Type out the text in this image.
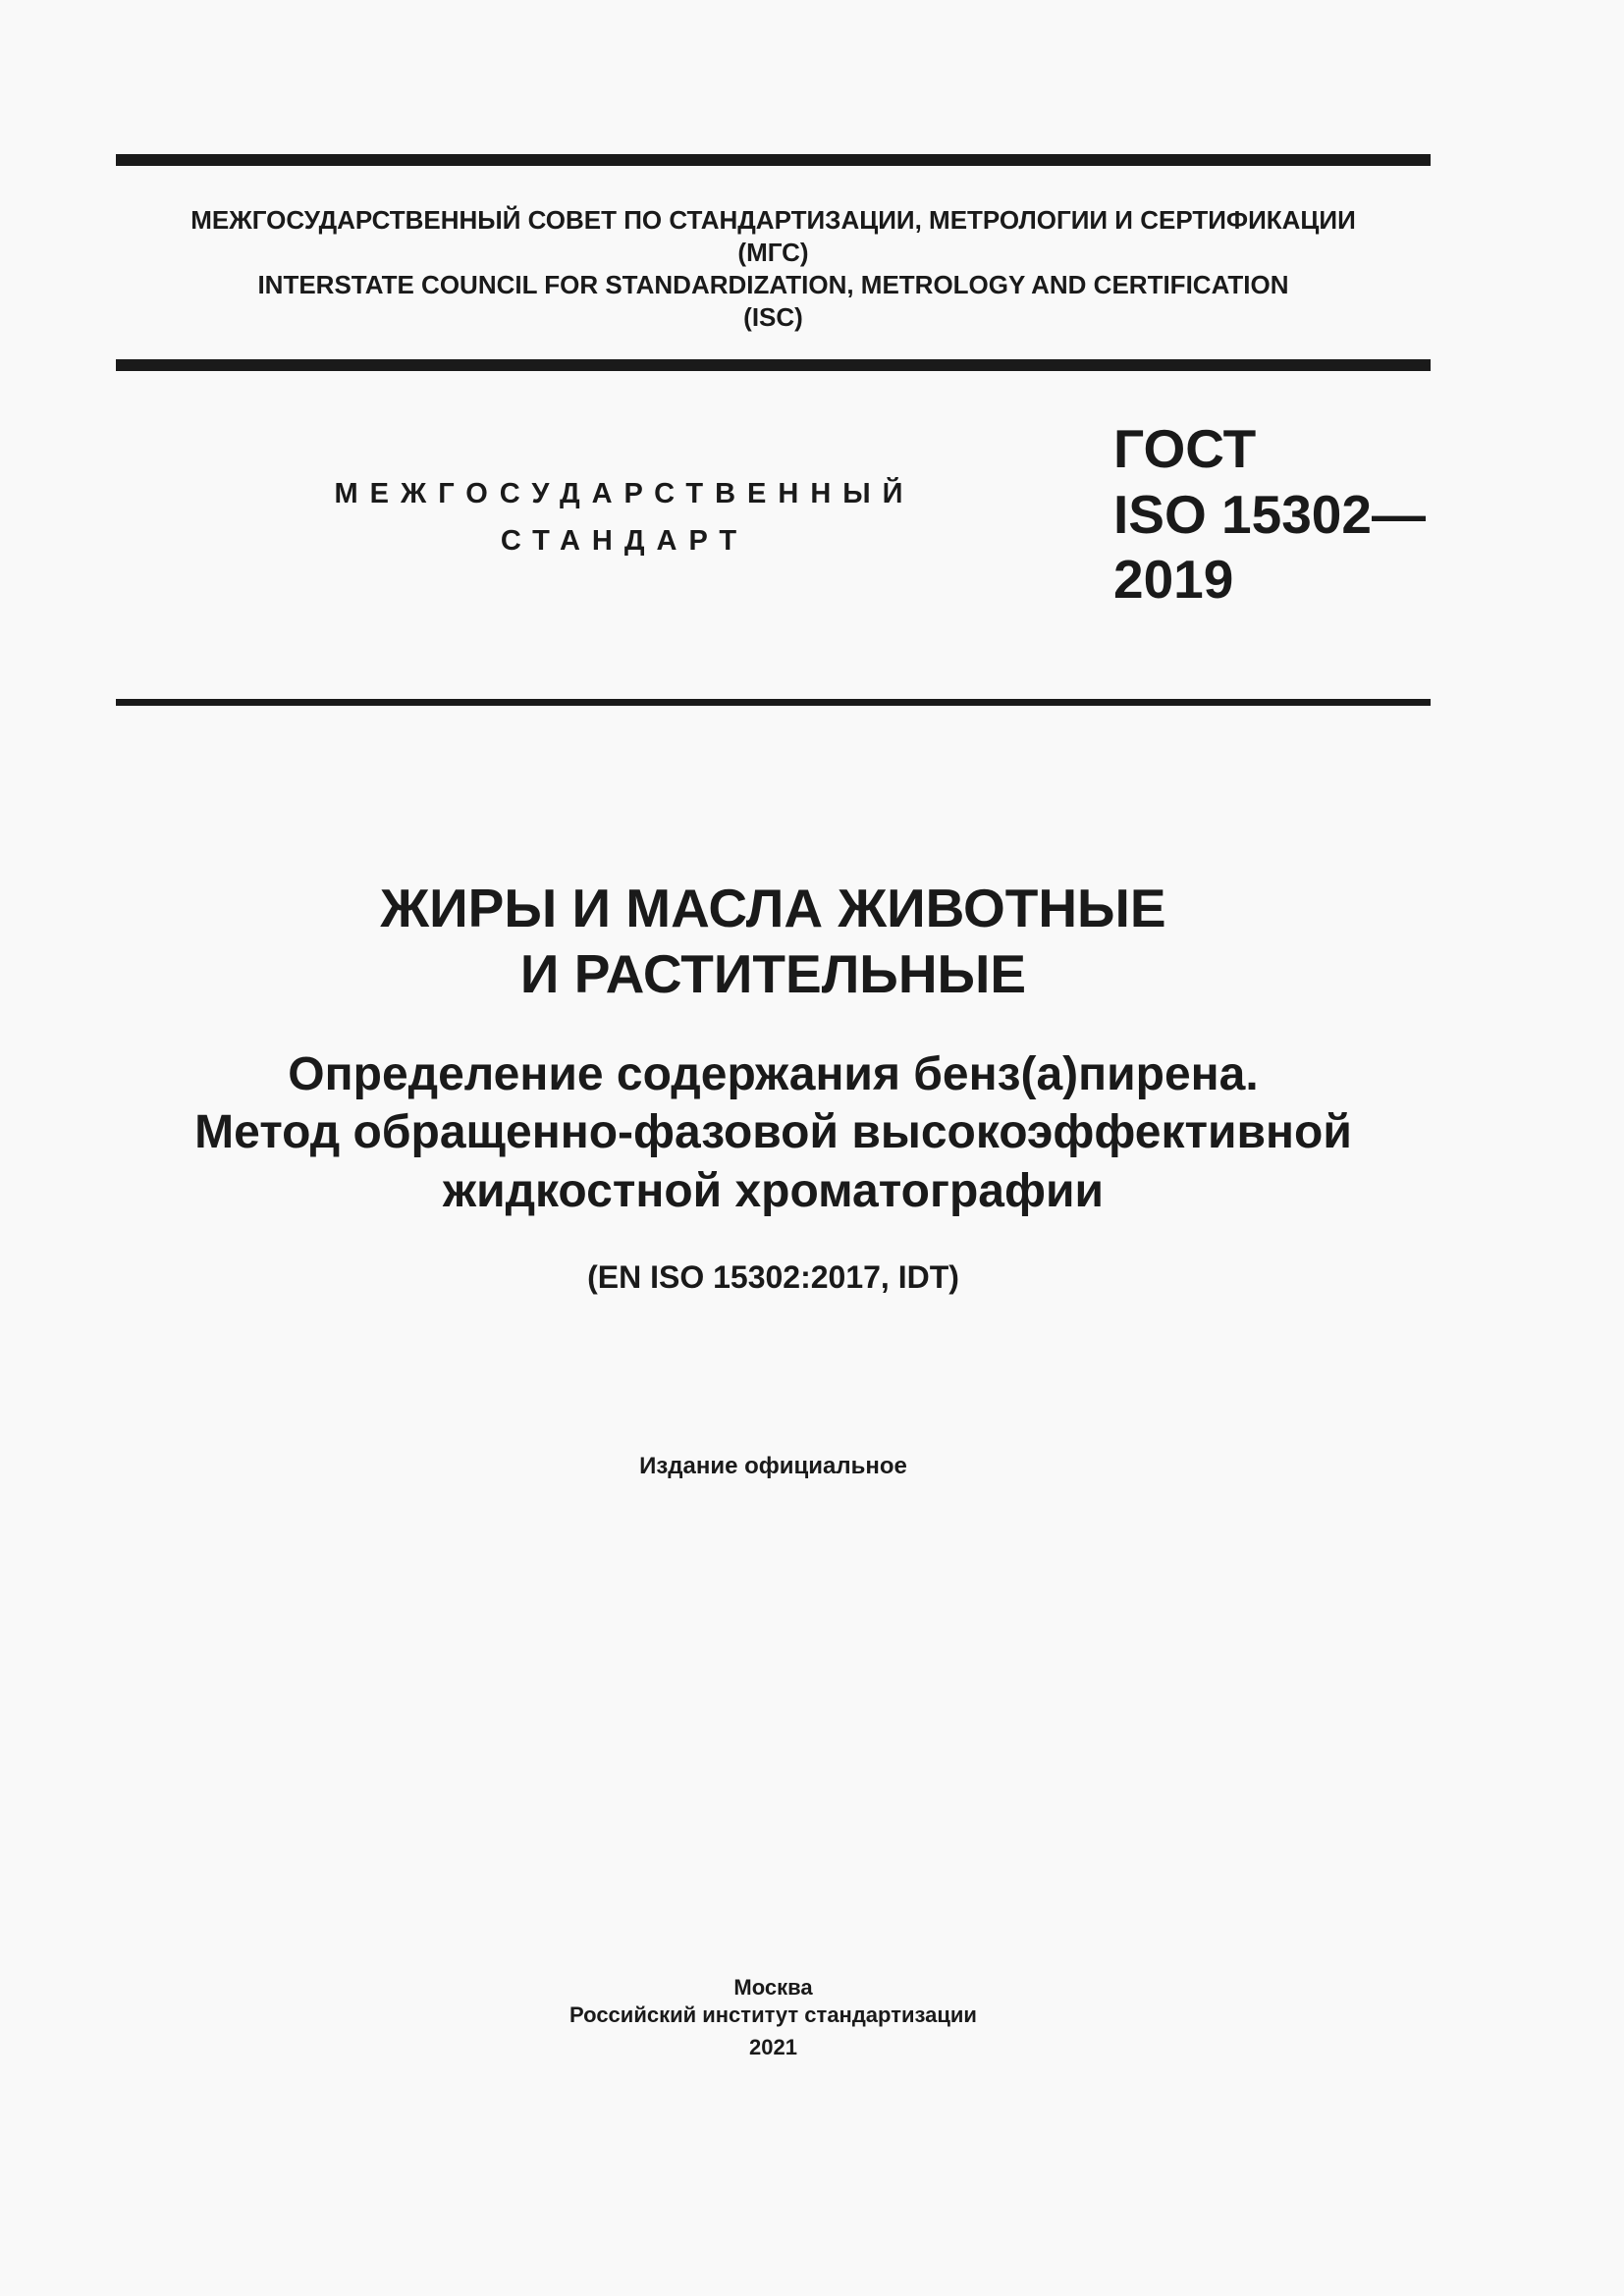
МЕЖГОСУДАРСТВЕННЫЙ СОВЕТ ПО СТАНДАРТИЗАЦИИ, МЕТРОЛОГИИ И СЕРТИФИКАЦИИ
(МГС)
INTERSTATE COUNCIL FOR STANDARDIZATION, METROLOGY AND CERTIFICATION
(ISC)
МЕЖГОСУДАРСТВЕННЫЙ
СТАНДАРТ
ГОСТ
ISO 15302—
2019
ЖИРЫ И МАСЛА ЖИВОТНЫЕ
И РАСТИТЕЛЬНЫЕ
Определение содержания бенз(а)пирена.
Метод обращенно-фазовой высокоэффективной
жидкостной хроматографии
(EN ISO 15302:2017, IDT)
Издание официальное
Москва
Российский институт стандартизации
2021
